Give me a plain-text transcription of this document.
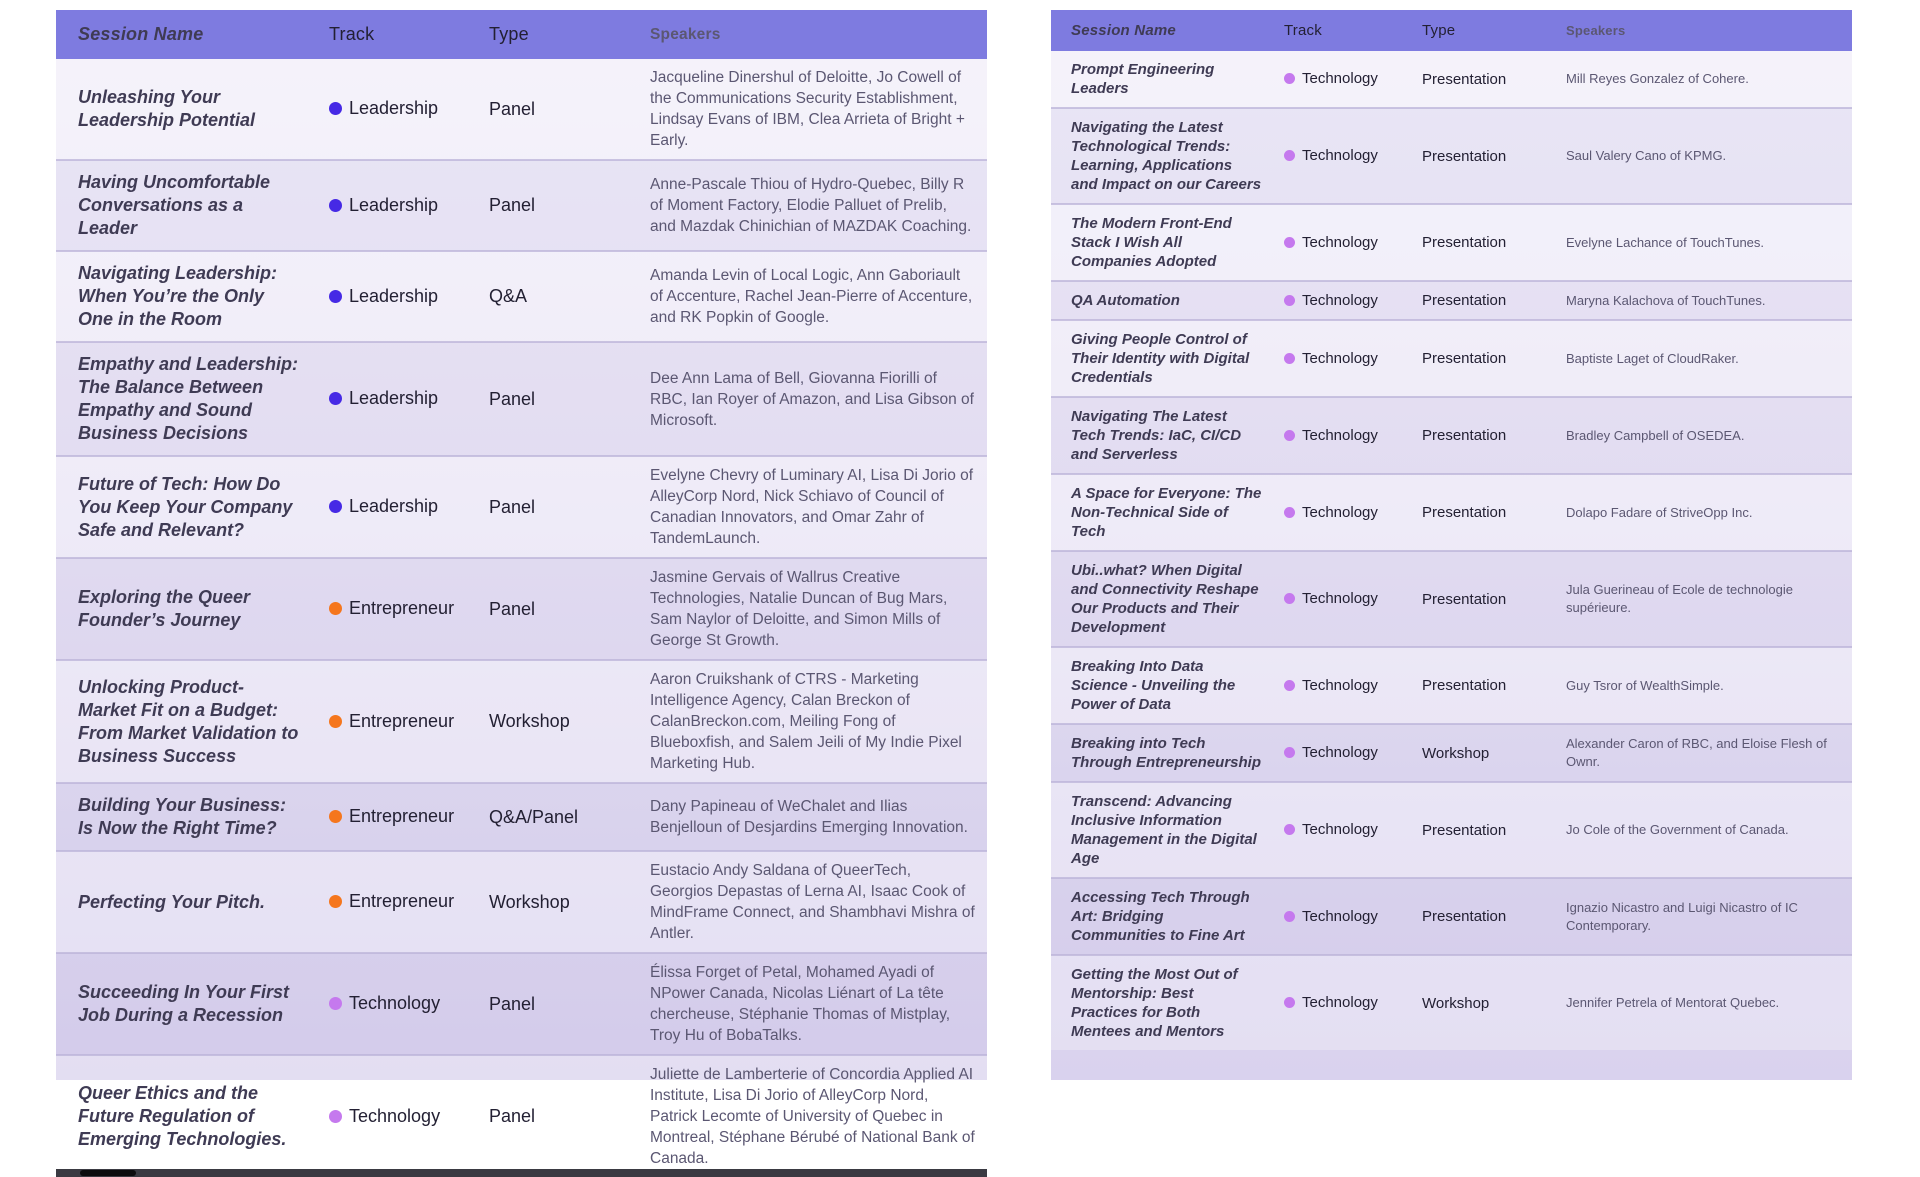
Session Name	Track	Type	Speakers
Unleashing Your Leadership Potential	Leadership	Panel	Jacqueline Dinershul of Deloitte, Jo Cowell of the Communications Security Establishment, Lindsay Evans of IBM, Clea Arrieta of Bright + Early.
Having Uncomfortable Conversations as a Leader	Leadership	Panel	Anne-Pascale Thiou of Hydro-Quebec, Billy R of Moment Factory, Elodie Palluet of Prelib, and Mazdak Chinichian of MAZDAK Coaching.
Navigating Leadership: When You’re the Only One in the Room	Leadership	Q&A	Amanda Levin of Local Logic, Ann Gaboriault of Accenture, Rachel Jean-Pierre of Accenture, and RK Popkin of Google.
Empathy and Leadership: The Balance Between Empathy and Sound Business Decisions	Leadership	Panel	Dee Ann Lama of Bell, Giovanna Fiorilli of RBC, Ian Royer of Amazon, and Lisa Gibson of Microsoft.
Future of Tech: How Do You Keep Your Company Safe and Relevant?	Leadership	Panel	Evelyne Chevry of Luminary AI, Lisa Di Jorio of AlleyCorp Nord, Nick Schiavo of Council of Canadian Innovators, and Omar Zahr of TandemLaunch.
Exploring the Queer Founder’s Journey	Entrepreneur	Panel	Jasmine Gervais of Wallrus Creative Technologies, Natalie Duncan of Bug Mars, Sam Naylor of Deloitte, and Simon Mills of George St Growth.
Unlocking Product-Market Fit on a Budget: From Market Validation to Business Success	Entrepreneur	Workshop	Aaron Cruikshank of CTRS - Marketing Intelligence Agency, Calan Breckon of CalanBreckon.com, Meiling Fong of Blueboxfish, and Salem Jeili of My Indie Pixel Marketing Hub.
Building Your Business: Is Now the Right Time?	Entrepreneur	Q&A/Panel	Dany Papineau of WeChalet and Ilias Benjelloun of Desjardins Emerging Innovation.
Perfecting Your Pitch.	Entrepreneur	Workshop	Eustacio Andy Saldana of QueerTech, Georgios Depastas of Lerna AI, Isaac Cook of MindFrame Connect, and Shambhavi Mishra of Antler.
Succeeding In Your First Job During a Recession	Technology	Panel	Élissa Forget of Petal, Mohamed Ayadi of NPower Canada, Nicolas Liénart of La tête chercheuse, Stéphanie Thomas of Mistplay, Troy Hu of BobaTalks.
Queer Ethics and the Future Regulation of Emerging Technologies.	Technology	Panel	Juliette de Lamberterie of Concordia Applied AI Institute, Lisa Di Jorio of AlleyCorp Nord, Patrick Lecomte of University of Quebec in Montreal, Stéphane Bérubé of National Bank of Canada.
Session Name	Track	Type	Speakers
Prompt Engineering Leaders	Technology	Presentation	Mill Reyes Gonzalez of Cohere.
Navigating the Latest Technological Trends: Learning, Applications and Impact on our Careers	Technology	Presentation	Saul Valery Cano of KPMG.
The Modern Front-End Stack I Wish All Companies Adopted	Technology	Presentation	Evelyne Lachance of TouchTunes.
QA Automation	Technology	Presentation	Maryna Kalachova of TouchTunes.
Giving People Control of Their Identity with Digital Credentials	Technology	Presentation	Baptiste Laget of CloudRaker.
Navigating The Latest Tech Trends: IaC, CI/CD and Serverless	Technology	Presentation	Bradley Campbell of OSEDEA.
A Space for Everyone: The Non-Technical Side of Tech	Technology	Presentation	Dolapo Fadare of StriveOpp Inc.
Ubi..what? When Digital and Connectivity Reshape Our Products and Their Development	Technology	Presentation	Jula Guerineau of Ecole de technologie supérieure.
Breaking Into Data Science - Unveiling the Power of Data	Technology	Presentation	Guy Tsror of WealthSimple.
Breaking into Tech Through Entrepreneurship	Technology	Workshop	Alexander Caron of RBC, and Eloise Flesh of Ownr.
Transcend: Advancing Inclusive Information Management in the Digital Age	Technology	Presentation	Jo Cole of the Government of Canada.
Accessing Tech Through Art: Bridging Communities to Fine Art	Technology	Presentation	Ignazio Nicastro and Luigi Nicastro of IC Contemporary.
Getting the Most Out of Mentorship: Best Practices for Both Mentees and Mentors	Technology	Workshop	Jennifer Petrela of Mentorat Quebec.
